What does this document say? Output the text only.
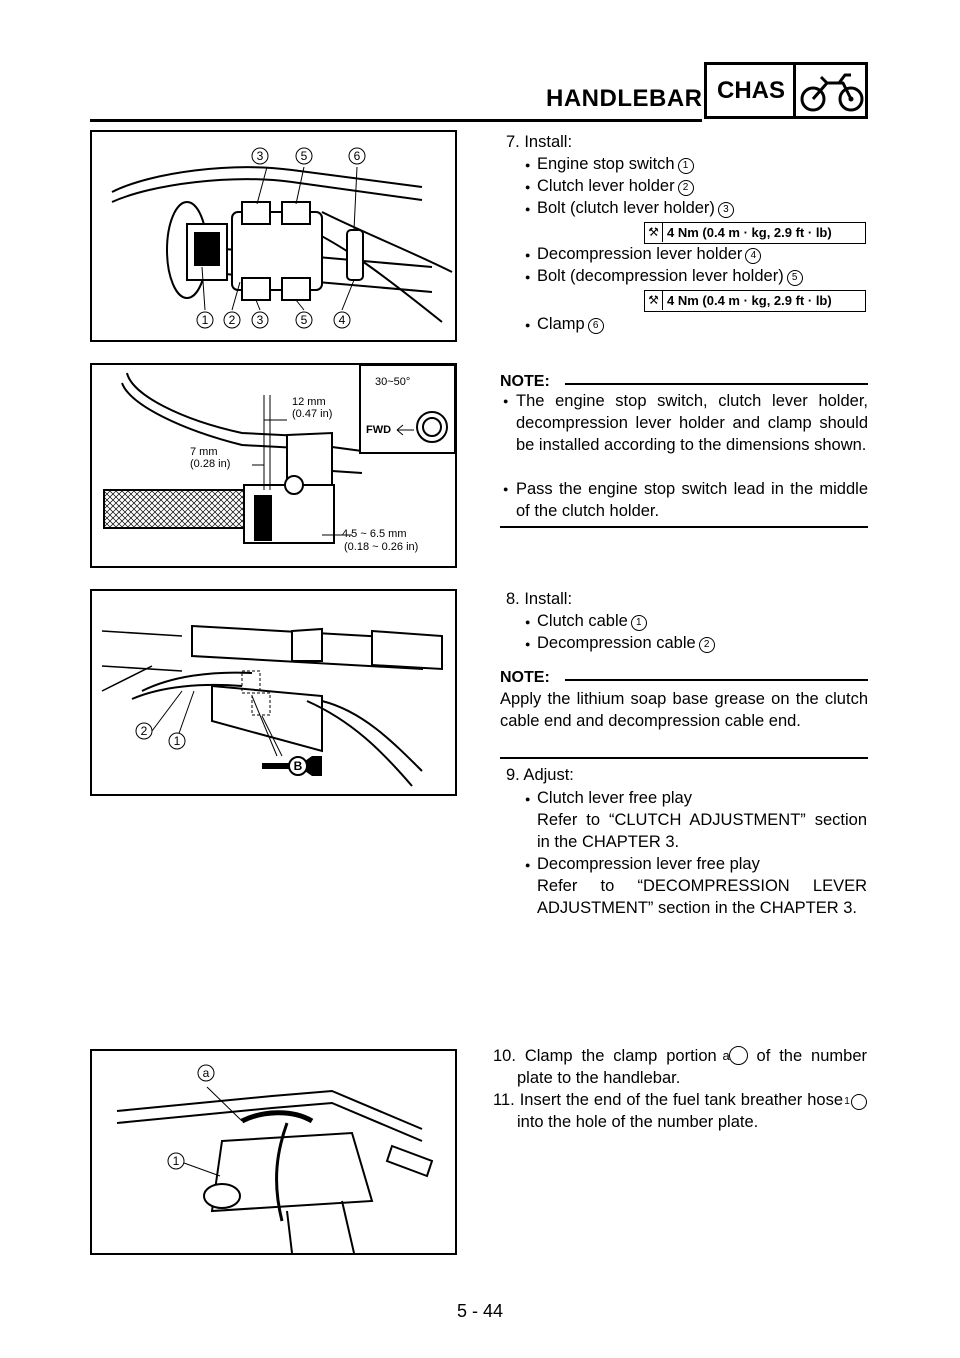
HANDLEBAR CHAS
3	5	6
1 2 3	5	4
12 mm
(0.47 in)
7 mm
(0.28 in)
4.5 ~ 6.5 mm
(0.18 ~ 0.26 in)
30~50°
FWD
2
1
B
a
1
7. Install:
● Engine stop switch 1
● Clutch lever holder 2
● Bolt (clutch lever holder) 3
⚒ 4 Nm (0.4 m · kg, 2.9 ft · lb)
● Decompression lever holder 4
● Bolt (decompression lever holder) 5
⚒ 4 Nm (0.4 m · kg, 2.9 ft · lb)
● Clamp 6
NOTE:
● The engine stop switch, clutch lever holder, decompression lever holder and clamp should be installed according to the dimensions shown.
● Pass the engine stop switch lead in the middle of the clutch holder.
8. Install:
● Clutch cable 1
● Decompression cable 2
NOTE:
Apply the lithium soap base grease on the clutch cable end and decompression cable end.
9. Adjust:
● Clutch lever free play
Refer to “CLUTCH ADJUSTMENT” section in the CHAPTER 3.
● Decompression lever free play
Refer to “DECOMPRESSION LEVER ADJUSTMENT” section in the CHAPTER 3.
10. Clamp the clamp portion a of the number plate to the handlebar.
11. Insert the end of the fuel tank breather hose 1 into the hole of the number plate.
5 - 44
